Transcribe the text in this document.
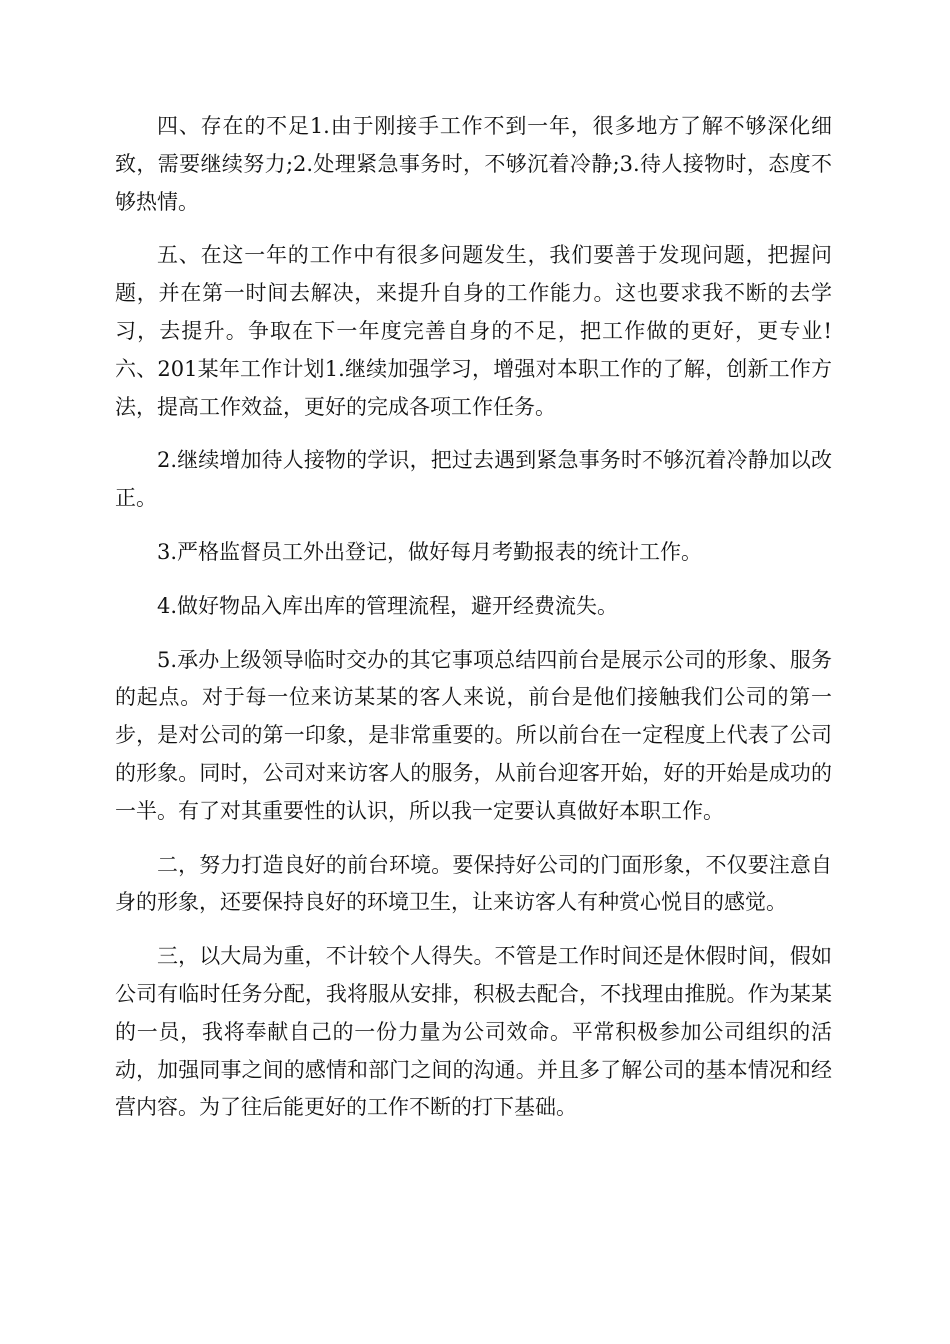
四、存在的不足1.由于刚接手工作不到一年，很多地方了解不够深化细致，需要继续努力;2.处理紧急事务时，不够沉着冷静;3.待人接物时，态度不够热情。

五、在这一年的工作中有很多问题发生，我们要善于发现问题，把握问题，并在第一时间去解决，来提升自身的工作能力。这也要求我不断的去学习，去提升。争取在下一年度完善自身的不足，把工作做的更好，更专业!六、201某年工作计划1.继续加强学习，增强对本职工作的了解，创新工作方法，提高工作效益，更好的完成各项工作任务。

2.继续增加待人接物的学识，把过去遇到紧急事务时不够沉着冷静加以改正。

3.严格监督员工外出登记，做好每月考勤报表的统计工作。

4.做好物品入库出库的管理流程，避开经费流失。

5.承办上级领导临时交办的其它事项总结四前台是展示公司的形象、服务的起点。对于每一位来访某某的客人来说，前台是他们接触我们公司的第一步，是对公司的第一印象，是非常重要的。所以前台在一定程度上代表了公司的形象。同时，公司对来访客人的服务，从前台迎客开始，好的开始是成功的一半。有了对其重要性的认识，所以我一定要认真做好本职工作。

二，努力打造良好的前台环境。要保持好公司的门面形象，不仅要注意自身的形象，还要保持良好的环境卫生，让来访客人有种赏心悦目的感觉。

三，以大局为重，不计较个人得失。不管是工作时间还是休假时间，假如公司有临时任务分配，我将服从安排，积极去配合，不找理由推脱。作为某某的一员，我将奉献自己的一份力量为公司效命。平常积极参加公司组织的活动，加强同事之间的感情和部门之间的沟通。并且多了解公司的基本情况和经营内容。为了往后能更好的工作不断的打下基础。
